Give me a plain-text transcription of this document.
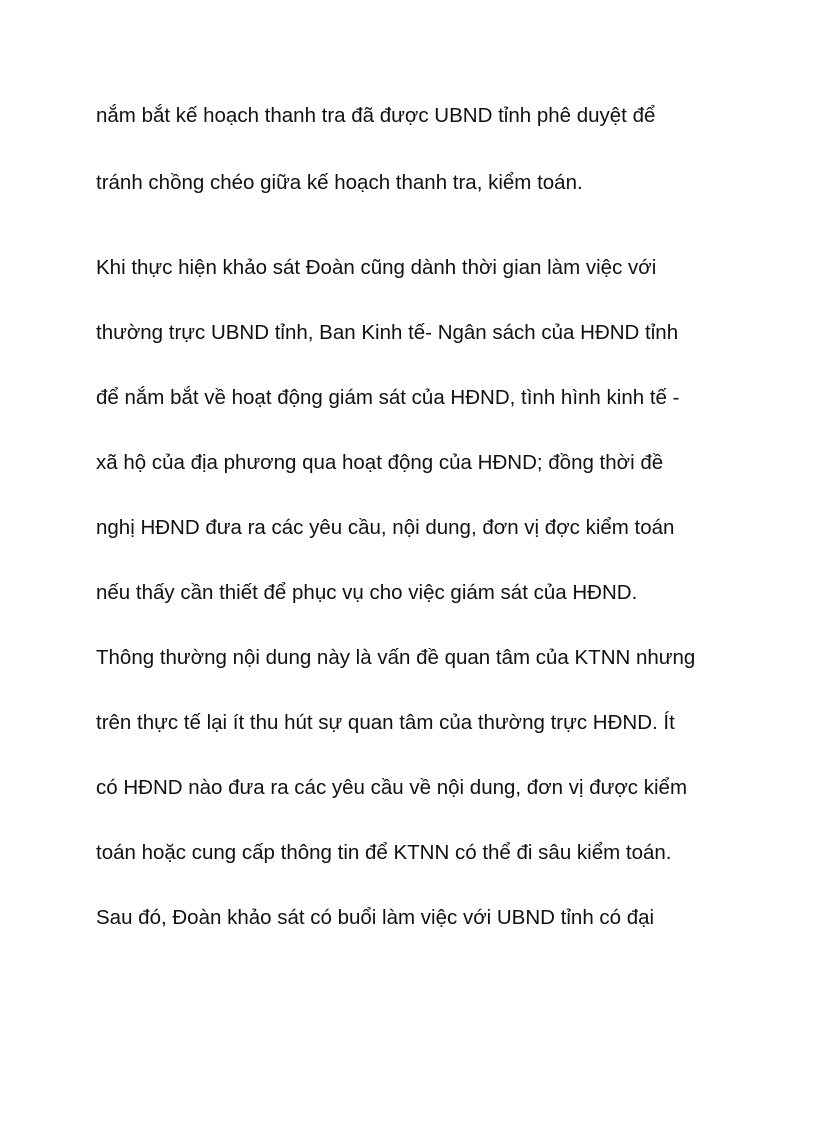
nắm bắt kế hoạch thanh tra đã được UBND tỉnh phê duyệt để

tránh chồng chéo giữa kế hoạch thanh tra, kiểm toán.

Khi thực hiện khảo sát Đoàn cũng dành thời gian làm việc với

thường trực UBND tỉnh, Ban Kinh tế- Ngân sách của HĐND tỉnh

để nắm bắt về hoạt động giám sát của HĐND, tình hình kinh tế -

xã hộ của địa phương qua hoạt động của HĐND; đồng thời đề

nghị HĐND đưa ra các yêu cầu, nội dung, đơn vị đợc kiểm toán

nếu thấy cần thiết để phục vụ cho việc giám sát của HĐND.

Thông thường nội dung này là vấn đề quan tâm của KTNN nhưng

trên thực tế lại ít thu hút sự quan tâm của thường trực HĐND. Ít

có HĐND nào đưa ra các yêu cầu về nội dung, đơn vị được kiểm

toán hoặc cung cấp thông tin để KTNN có thể đi sâu kiểm toán.

Sau đó, Đoàn khảo sát có buổi làm việc với UBND tỉnh có đại
